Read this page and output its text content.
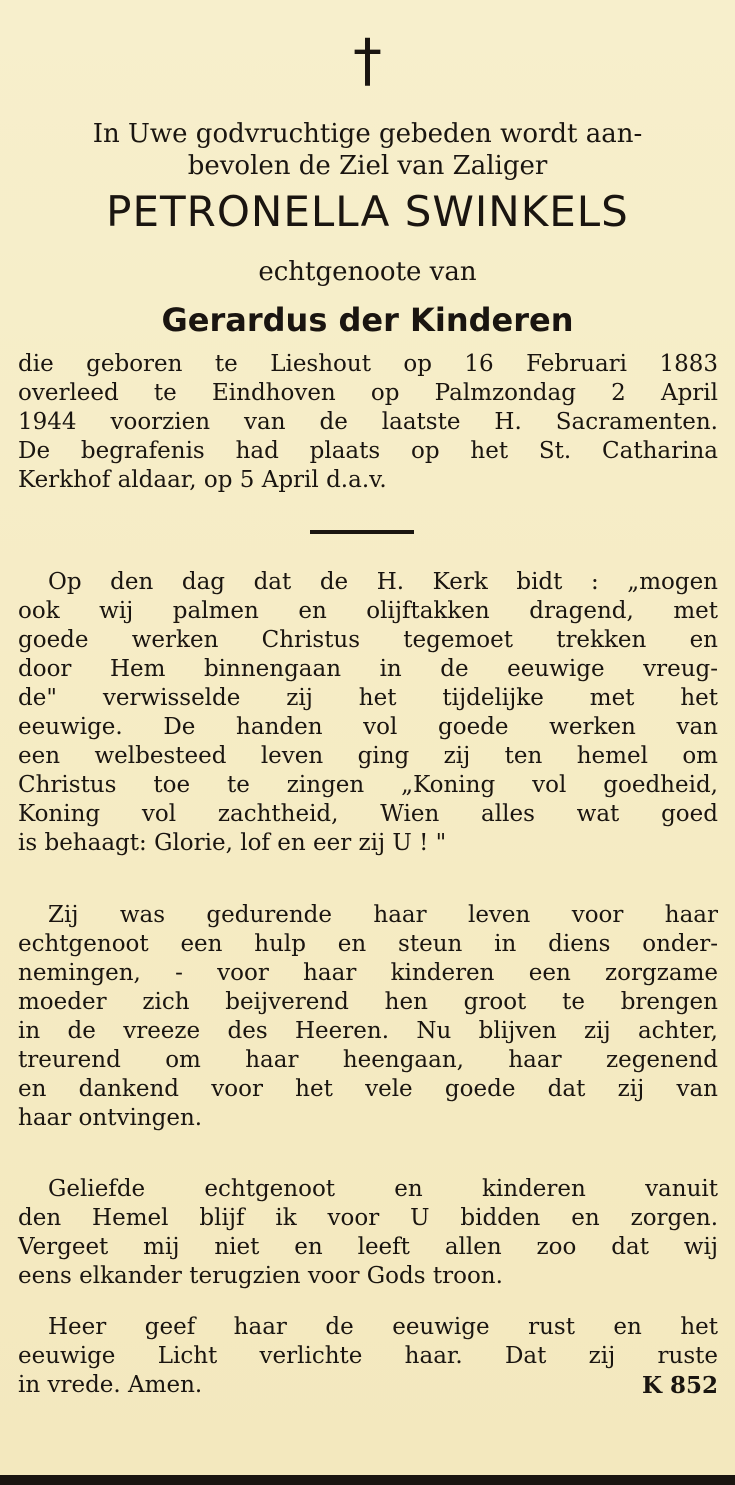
†
In Uwe godvruchtige gebeden wordt aan-
bevolen de Ziel van Zaliger
PETRONELLA SWINKELS
echtgenoote van
Gerardus der Kinderen
die geboren te Lieshout op 16 Februari 1883
overleed te Eindhoven op Palmzondag 2 April
1944 voorzien van de laatste H. Sacramenten.
De begrafenis had plaats op het St. Catharina
Kerkhof aldaar, op 5 April d.a.v.
Op den dag dat de H. Kerk bidt : „mogen
ook wij palmen en olijftakken dragend, met
goede werken Christus tegemoet trekken en
door Hem binnengaan in de eeuwige vreug-
de" verwisselde zij het tijdelijke met het
eeuwige. De handen vol goede werken van
een welbesteed leven ging zij ten hemel om
Christus toe te zingen „Koning vol goedheid,
Koning vol zachtheid, Wien alles wat goed
is behaagt: Glorie, lof en eer zij U ! "
Zij was gedurende haar leven voor haar
echtgenoot een hulp en steun in diens onder-
nemingen, - voor haar kinderen een zorgzame
moeder zich beijverend hen groot te brengen
in de vreeze des Heeren. Nu blijven zij achter,
treurend om haar heengaan, haar zegenend
en dankend voor het vele goede dat zij van
haar ontvingen.
Geliefde echtgenoot en kinderen vanuit
den Hemel blijf ik voor U bidden en zorgen.
Vergeet mij niet en leeft allen zoo dat wij
eens elkander terugzien voor Gods troon.
Heer geef haar de eeuwige rust en het
eeuwige Licht verlichte haar. Dat zij ruste
in vrede. Amen.	K 852
